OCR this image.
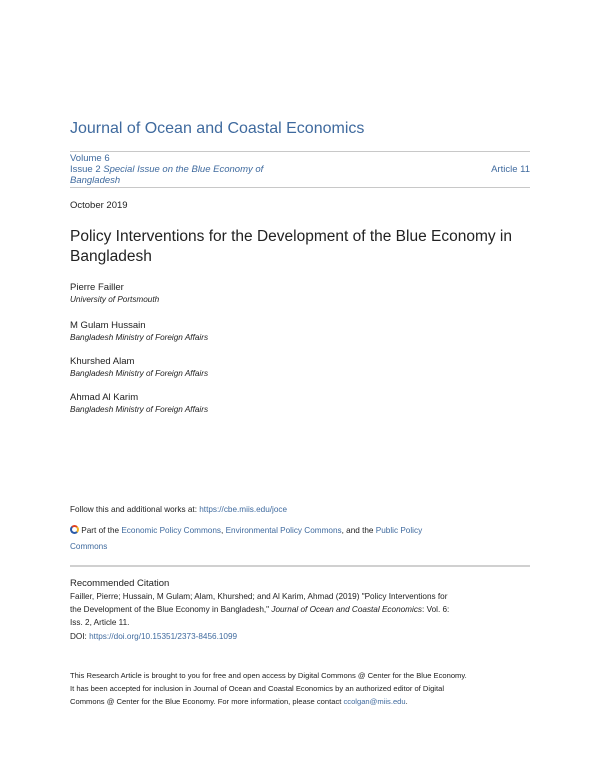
Journal of Ocean and Coastal Economics
Volume 6
Issue 2 Special Issue on the Blue Economy of
Bangladesh
Article 11
October 2019
Policy Interventions for the Development of the Blue Economy in
Bangladesh
Pierre Failler
University of Portsmouth
M Gulam Hussain
Bangladesh Ministry of Foreign Affairs
Khurshed Alam
Bangladesh Ministry of Foreign Affairs
Ahmad Al Karim
Bangladesh Ministry of Foreign Affairs
Follow this and additional works at: https://cbe.miis.edu/joce
Part of the Economic Policy Commons, Environmental Policy Commons, and the Public Policy
Commons
Recommended Citation
Failler, Pierre; Hussain, M Gulam; Alam, Khurshed; and Al Karim, Ahmad (2019) "Policy Interventions for
the Development of the Blue Economy in Bangladesh," Journal of Ocean and Coastal Economics: Vol. 6:
Iss. 2, Article 11.
DOI: https://doi.org/10.15351/2373-8456.1099
This Research Article is brought to you for free and open access by Digital Commons @ Center for the Blue Economy.
It has been accepted for inclusion in Journal of Ocean and Coastal Economics by an authorized editor of Digital
Commons @ Center for the Blue Economy. For more information, please contact ccolgan@miis.edu.
